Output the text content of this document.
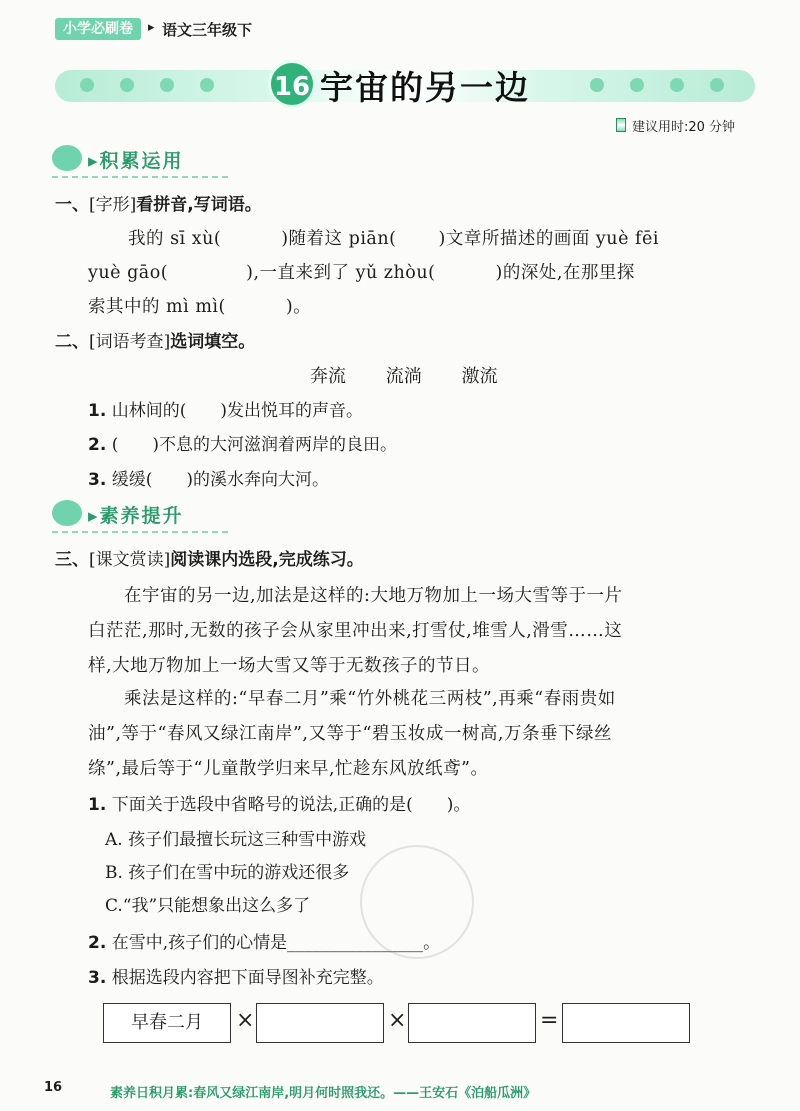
小学必刷卷	▸ 语文三年级下
16 宇宙的另一边
建议用时:20 分钟
▸积累运用
一、[字形]看拼音,写词语。
我的 sī xù(　　　 )随着这 piān(　　 )文章所描述的画面 yuè fēi
yuè gāo(　　　　 ),一直来到了 yǔ zhòu(　　　 )的深处,在那里探
索其中的 mì mì(　　　 )。
二、[词语考查]选词填空。
奔流 流淌 激流
1. 山林间的(　　)发出悦耳的声音。
2. (　　)不息的大河滋润着两岸的良田。
3. 缓缓(　　)的溪水奔向大河。
▸素养提升
三、[课文赏读]阅读课内选段,完成练习。
　　在宇宙的另一边,加法是这样的:大地万物加上一场大雪等于一片
白茫茫,那时,无数的孩子会从家里冲出来,打雪仗,堆雪人,滑雪……这
样,大地万物加上一场大雪又等于无数孩子的节日。
　　乘法是这样的:“早春二月”乘“竹外桃花三两枝”,再乘“春雨贵如
油”,等于“春风又绿江南岸”,又等于“碧玉妆成一树高,万条垂下绿丝
绦”,最后等于“儿童散学归来早,忙趁东风放纸鸢”。
1. 下面关于选段中省略号的说法,正确的是(　　)。
A. 孩子们最擅长玩这三种雪中游戏
B. 孩子们在雪中玩的游戏还很多
C.“我”只能想象出这么多了
2. 在雪中,孩子们的心情是________________。
3. 根据选段内容把下面导图补充完整。
早春二月	×	×	=
16	素养日积月累:春风又绿江南岸,明月何时照我还。——王安石《泊船瓜洲》
